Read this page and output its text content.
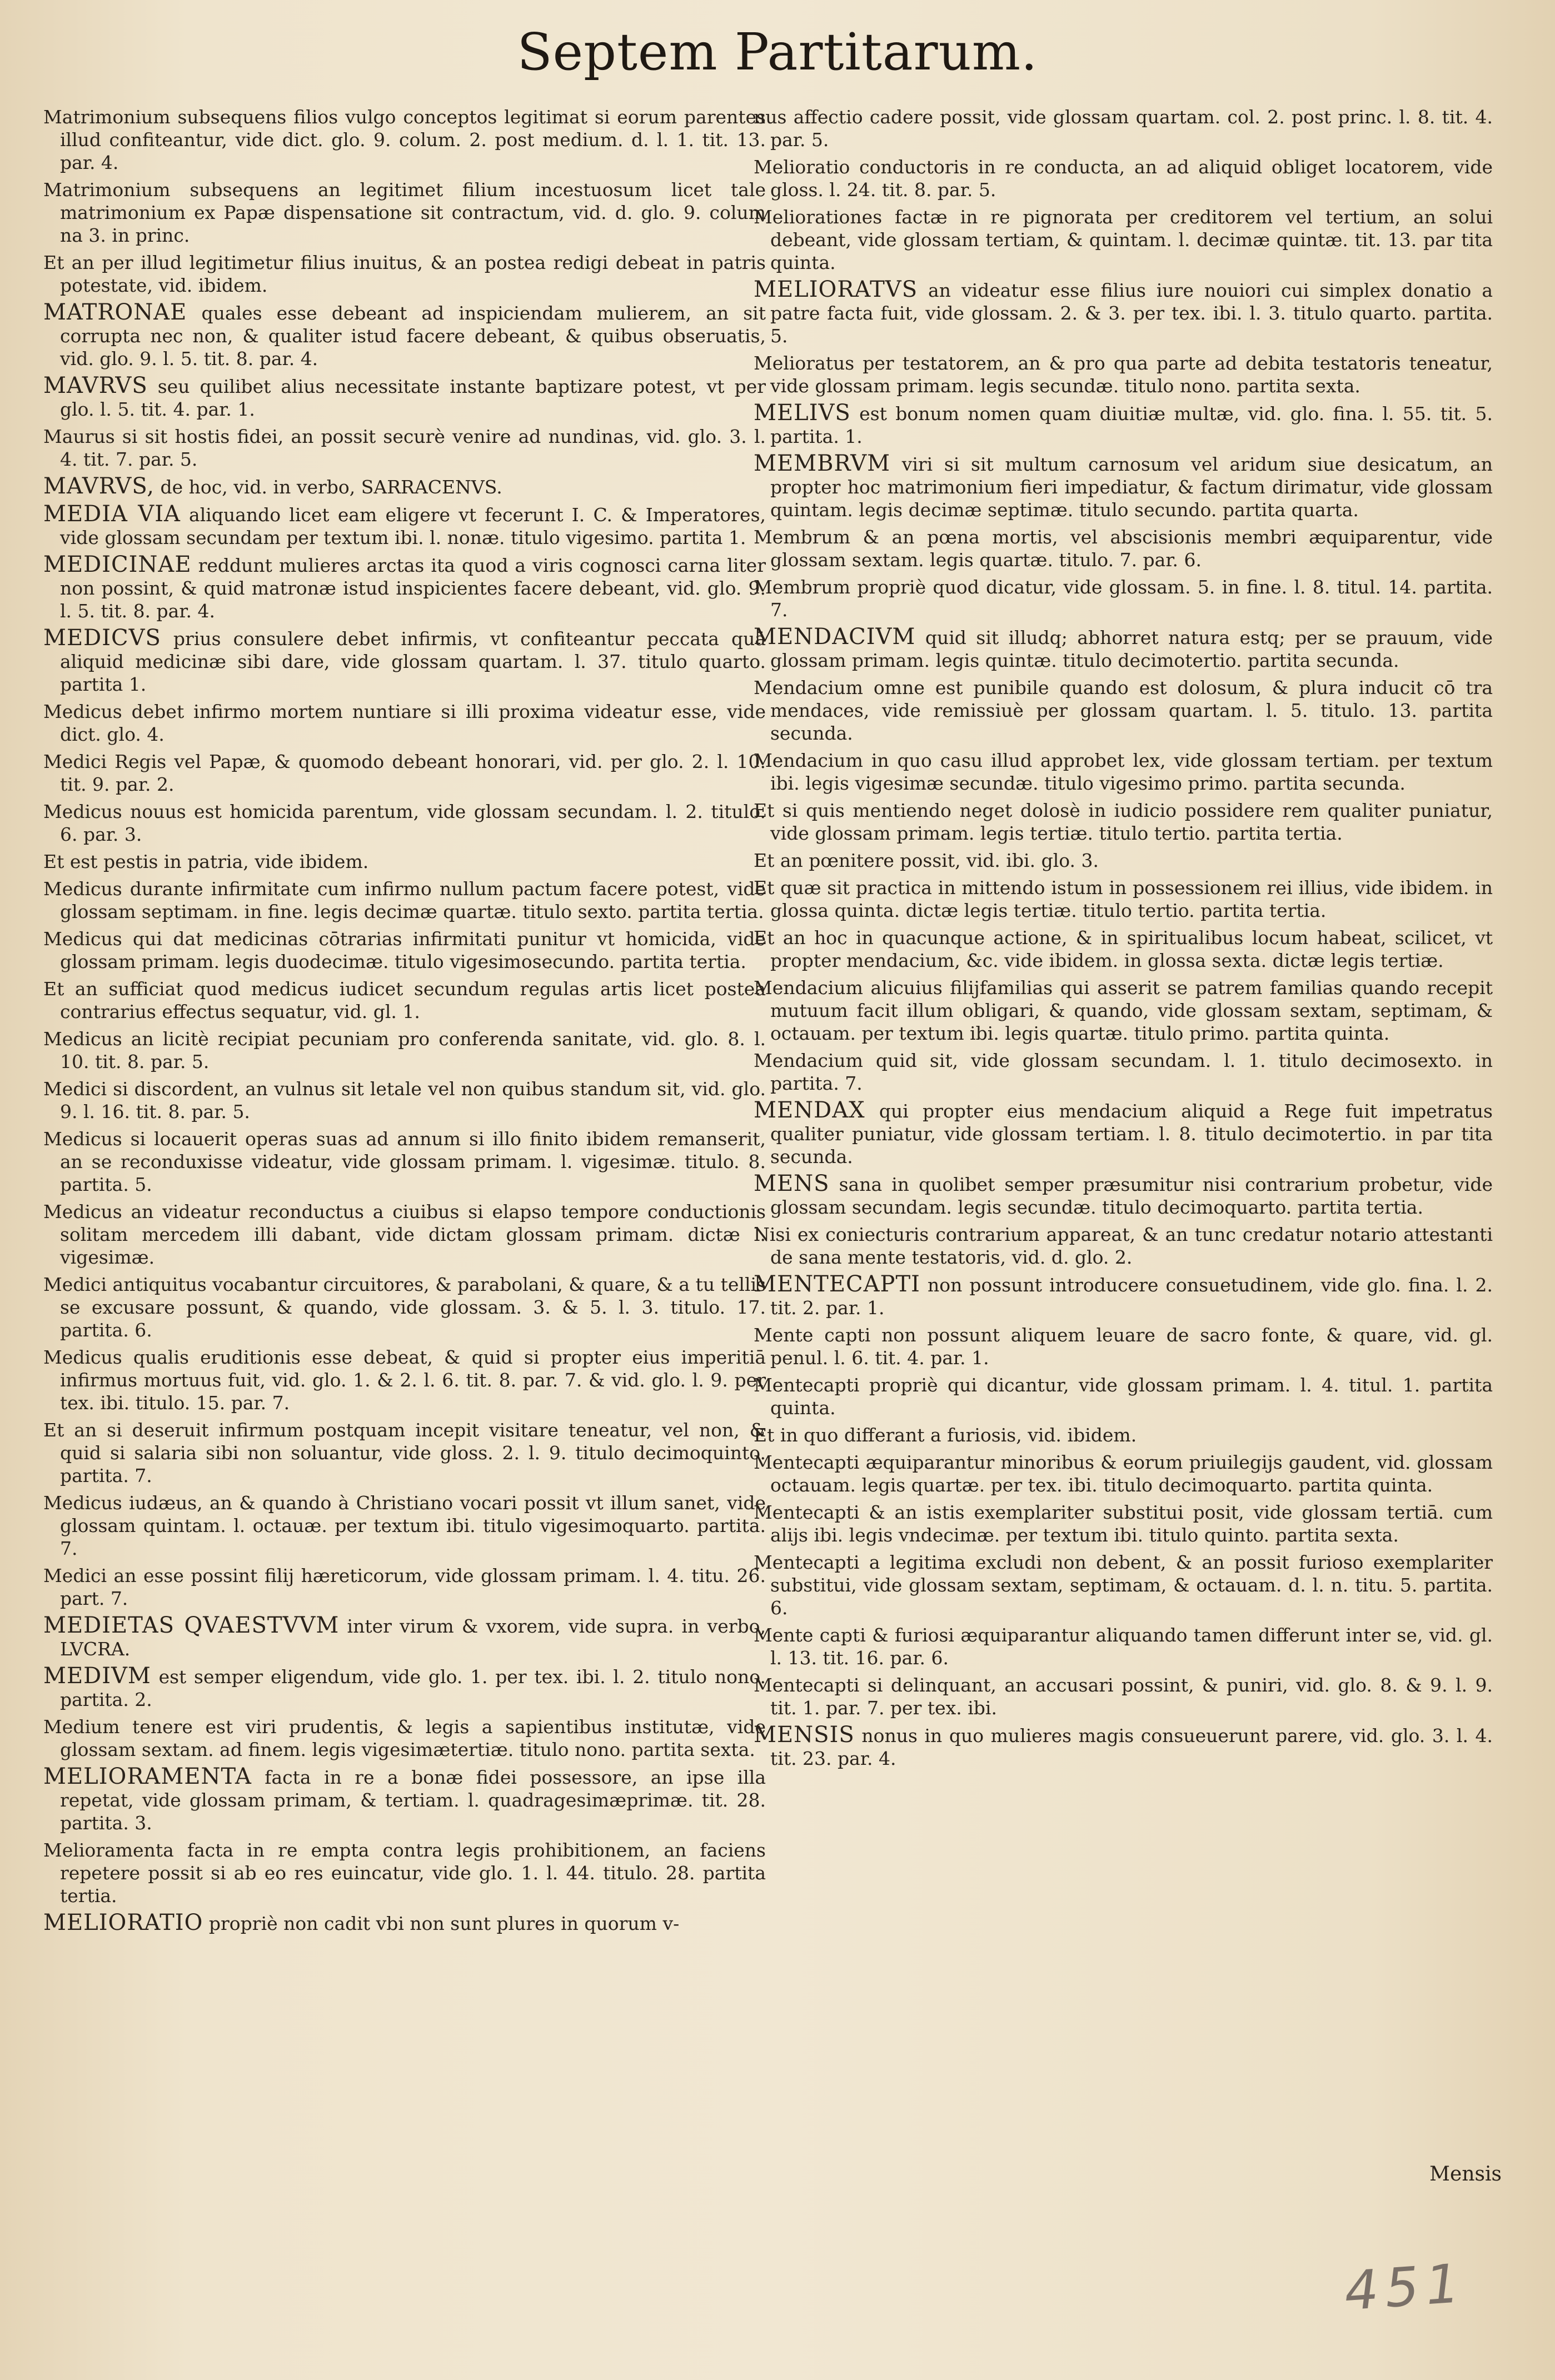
Septem Partitarum.

Matrimonium subsequens filios vulgo conceptos legitimat si eorum parentes illud confiteantur, vide dict. glo. 9. colum. 2. post medium. d. l. 1. tit. 13. par. 4.

Matrimonium subsequens an legitimet filium incestuosum licet tale matrimonium ex Papæ dispensatione sit contractum, vid. d. glo. 9. colum na 3. in princ.

Et an per illud legitimetur filius inuitus, & an postea redigi debeat in patris potestate, vid. ibidem.

MATRONAE quales esse debeant ad inspiciendam mulierem, an sit corrupta nec non, & qualiter istud facere debeant, & quibus obseruatis, vid. glo. 9. l. 5. tit. 8. par. 4.

MAVRVS seu quilibet alius necessitate instante baptizare potest, vt per glo. l. 5. tit. 4. par. 1.

Maurus si sit hostis fidei, an possit securè venire ad nundinas, vid. glo. 3. l. 4. tit. 7. par. 5.

MAVRVS, de hoc, vid. in verbo, SARRACENVS.

MEDIA VIA aliquando licet eam eligere vt fecerunt I. C. & Imperatores, vide glossam secundam per textum ibi. l. nonæ. titulo vigesimo. partita 1.

MEDICINAE reddunt mulieres arctas ita quod a viris cognosci carna liter non possint, & quid matronæ istud inspicientes facere debeant, vid. glo. 9. l. 5. tit. 8. par. 4.

MEDICVS prius consulere debet infirmis, vt confiteantur peccata quā aliquid medicinæ sibi dare, vide glossam quartam. l. 37. titulo quarto. partita 1.

Medicus debet infirmo mortem nuntiare si illi proxima videatur esse, vide dict. glo. 4.

Medici Regis vel Papæ, & quomodo debeant honorari, vid. per glo. 2. l. 10. tit. 9. par. 2.

Medicus nouus est homicida parentum, vide glossam secundam. l. 2. titulo. 6. par. 3.

Et est pestis in patria, vide ibidem.

Medicus durante infirmitate cum infirmo nullum pactum facere potest, vide glossam septimam. in fine. legis decimæ quartæ. titulo sexto. partita tertia.

Medicus qui dat medicinas cōtrarias infirmitati punitur vt homicida, vide glossam primam. legis duodecimæ. titulo vigesimosecundo. partita tertia.

Et an sufficiat quod medicus iudicet secundum regulas artis licet postea contrarius effectus sequatur, vid. gl. 1.

Medicus an licitè recipiat pecuniam pro conferenda sanitate, vid. glo. 8. l. 10. tit. 8. par. 5.

Medici si discordent, an vulnus sit letale vel non quibus standum sit, vid. glo. 9. l. 16. tit. 8. par. 5.

Medicus si locauerit operas suas ad annum si illo finito ibidem remanserit, an se reconduxisse videatur, vide glossam primam. l. vigesimæ. titulo. 8. partita. 5.

Medicus an videatur reconductus a ciuibus si elapso tempore conductionis solitam mercedem illi dabant, vide dictam glossam primam. dictæ l. vigesimæ.

Medici antiquitus vocabantur circuitores, & parabolani, & quare, & a tu tellis se excusare possunt, & quando, vide glossam. 3. & 5. l. 3. titulo. 17. partita. 6.

Medicus qualis eruditionis esse debeat, & quid si propter eius imperitiā infirmus mortuus fuit, vid. glo. 1. & 2. l. 6. tit. 8. par. 7. & vid. glo. l. 9. per tex. ibi. titulo. 15. par. 7.

Et an si deseruit infirmum postquam incepit visitare teneatur, vel non, & quid si salaria sibi non soluantur, vide gloss. 2. l. 9. titulo decimoquinto. partita. 7.

Medicus iudæus, an & quando à Christiano vocari possit vt illum sanet, vide glossam quintam. l. octauæ. per textum ibi. titulo vigesimoquarto. partita. 7.

Medici an esse possint filij hæreticorum, vide glossam primam. l. 4. titu. 26. part. 7.

MEDIETAS QVAESTVVM inter virum & vxorem, vide supra. in verbo, LVCRA.

MEDIVM est semper eligendum, vide glo. 1. per tex. ibi. l. 2. titulo nono. partita. 2.

Medium tenere est viri prudentis, & legis a sapientibus institutæ, vide glossam sextam. ad finem. legis vigesimætertiæ. titulo nono. partita sexta.

MELIORAMENTA facta in re a bonæ fidei possessore, an ipse illa repetat, vide glossam primam, & tertiam. l. quadragesimæprimæ. tit. 28. partita. 3.

Melioramenta facta in re empta contra legis prohibitionem, an faciens repetere possit si ab eo res euincatur, vide glo. 1. l. 44. titulo. 28. partita tertia.

MELIORATIO propriè non cadit vbi non sunt plures in quorum v-

nus affectio cadere possit, vide glossam quartam. col. 2. post princ. l. 8. tit. 4. par. 5.

Melioratio conductoris in re conducta, an ad aliquid obliget locatorem, vide gloss. l. 24. tit. 8. par. 5.

Meliorationes factæ in re pignorata per creditorem vel tertium, an solui debeant, vide glossam tertiam, & quintam. l. decimæ quintæ. tit. 13. par tita quinta.

MELIORATVS an videatur esse filius iure nouiori cui simplex donatio a patre facta fuit, vide glossam. 2. & 3. per tex. ibi. l. 3. titulo quarto. partita. 5.

Melioratus per testatorem, an & pro qua parte ad debita testatoris teneatur, vide glossam primam. legis secundæ. titulo nono. partita sexta.

MELIVS est bonum nomen quam diuitiæ multæ, vid. glo. fina. l. 55. tit. 5. partita. 1.

MEMBRVM viri si sit multum carnosum vel aridum siue desicatum, an propter hoc matrimonium fieri impediatur, & factum dirimatur, vide glossam quintam. legis decimæ septimæ. titulo secundo. partita quarta.

Membrum & an pœna mortis, vel abscisionis membri æquiparentur, vide glossam sextam. legis quartæ. titulo. 7. par. 6.

Membrum propriè quod dicatur, vide glossam. 5. in fine. l. 8. titul. 14. partita. 7.

MENDACIVM quid sit illudq; abhorret natura estq; per se prauum, vide glossam primam. legis quintæ. titulo decimotertio. partita secunda.

Mendacium omne est punibile quando est dolosum, & plura inducit cō tra mendaces, vide remissiuè per glossam quartam. l. 5. titulo. 13. partita secunda.

Mendacium in quo casu illud approbet lex, vide glossam tertiam. per textum ibi. legis vigesimæ secundæ. titulo vigesimo primo. partita secunda.

Et si quis mentiendo neget dolosè in iudicio possidere rem qualiter puniatur, vide glossam primam. legis tertiæ. titulo tertio. partita tertia.

Et an pœnitere possit, vid. ibi. glo. 3.

Et quæ sit practica in mittendo istum in possessionem rei illius, vide ibidem. in glossa quinta. dictæ legis tertiæ. titulo tertio. partita tertia.

Et an hoc in quacunque actione, & in spiritualibus locum habeat, scilicet, vt propter mendacium, &c. vide ibidem. in glossa sexta. dictæ legis tertiæ.

Mendacium alicuius filijfamilias qui asserit se patrem familias quando recepit mutuum facit illum obligari, & quando, vide glossam sextam, septimam, & octauam. per textum ibi. legis quartæ. titulo primo. partita quinta.

Mendacium quid sit, vide glossam secundam. l. 1. titulo decimosexto. in partita. 7.

MENDAX qui propter eius mendacium aliquid a Rege fuit impetratus qualiter puniatur, vide glossam tertiam. l. 8. titulo decimotertio. in par tita secunda.

MENS sana in quolibet semper præsumitur nisi contrarium probetur, vide glossam secundam. legis secundæ. titulo decimoquarto. partita tertia.

Nisi ex coniecturis contrarium appareat, & an tunc credatur notario attestanti de sana mente testatoris, vid. d. glo. 2.

MENTECAPTI non possunt introducere consuetudinem, vide glo. fina. l. 2. tit. 2. par. 1.

Mente capti non possunt aliquem leuare de sacro fonte, & quare, vid. gl. penul. l. 6. tit. 4. par. 1.

Mentecapti propriè qui dicantur, vide glossam primam. l. 4. titul. 1. partita quinta.

Et in quo differant a furiosis, vid. ibidem.

Mentecapti æquiparantur minoribus & eorum priuilegijs gaudent, vid. glossam octauam. legis quartæ. per tex. ibi. titulo decimoquarto. partita quinta.

Mentecapti & an istis exemplariter substitui posit, vide glossam tertiā. cum alijs ibi. legis vndecimæ. per textum ibi. titulo quinto. partita sexta.

Mentecapti a legitima excludi non debent, & an possit furioso exemplariter substitui, vide glossam sextam, septimam, & octauam. d. l. n. titu. 5. partita. 6.

Mente capti & furiosi æquiparantur aliquando tamen differunt inter se, vid. gl. l. 13. tit. 16. par. 6.

Mentecapti si delinquant, an accusari possint, & puniri, vid. glo. 8. & 9. l. 9. tit. 1. par. 7. per tex. ibi.

MENSIS nonus in quo mulieres magis consueuerunt parere, vid. glo. 3. l. 4. tit. 23. par. 4.

Mensis
451
